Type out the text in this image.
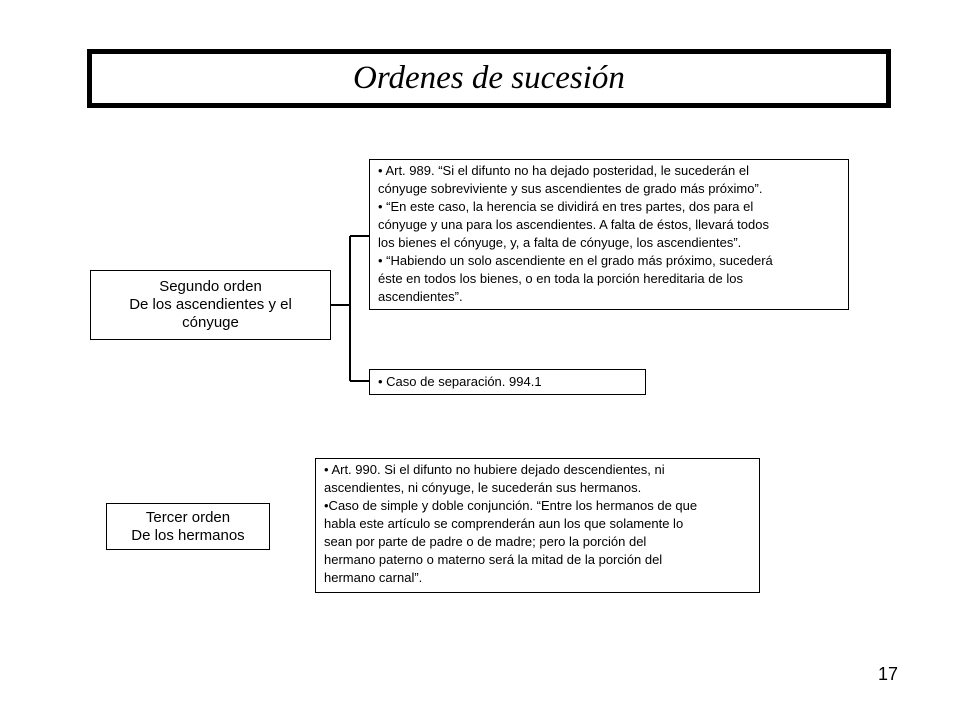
Ordenes de sucesión
Segundo orden
De los ascendientes y el
cónyuge

• Art. 989. “Si el difunto no ha dejado posteridad, le sucederán el

cónyuge sobreviviente y sus ascendientes de grado más próximo”.

• “En este caso, la herencia se dividirá en tres partes, dos para el

cónyuge y una para los ascendientes. A falta de éstos, llevará todos

los bienes el cónyuge, y, a falta de cónyuge, los ascendientes”.

• “Habiendo un solo ascendiente en el grado más próximo, sucederá

éste en todos los bienes, o en toda la porción hereditaria de los

ascendientes”.

• Caso de separación. 994.1

Tercer orden
De los hermanos

• Art. 990. Si el difunto no hubiere dejado descendientes, ni

ascendientes, ni cónyuge, le sucederán sus hermanos.

•Caso de simple y doble conjunción. “Entre los hermanos de que

habla este artículo se comprenderán aun los que solamente lo

sean por parte de padre o de madre; pero la porción del

hermano paterno o materno será la mitad de la porción del

hermano carnal”.

17
